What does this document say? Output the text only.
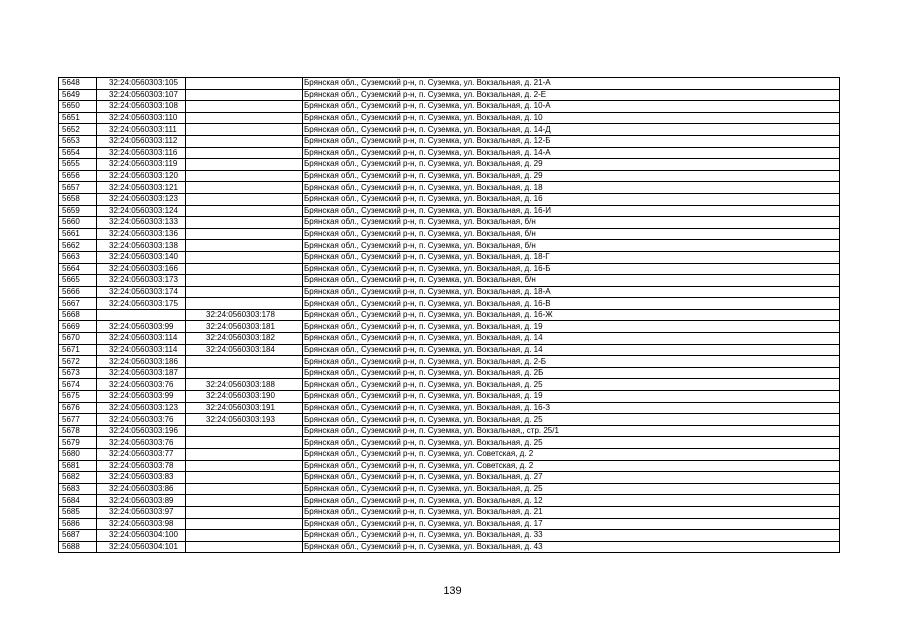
5648	32:24:0560303:105		Брянская обл., Суземский р-н, п. Суземка, ул. Вокзальная, д. 21-А
5649	32:24:0560303:107		Брянская обл., Суземский р-н, п. Суземка, ул. Вокзальная, д. 2-Е
5650	32:24:0560303:108		Брянская обл., Суземский р-н, п. Суземка, ул. Вокзальная, д. 10-А
5651	32:24:0560303:110		Брянская обл., Суземский р-н, п. Суземка, ул. Вокзальная, д. 10
5652	32:24:0560303:111		Брянская обл., Суземский р-н, п. Суземка, ул. Вокзальная, д. 14-Д
5653	32:24:0560303:112		Брянская обл., Суземский р-н, п. Суземка, ул. Вокзальная, д. 12-Б
5654	32:24:0560303:116		Брянская обл., Суземский р-н, п. Суземка, ул. Вокзальная, д. 14-А
5655	32:24:0560303:119		Брянская обл., Суземский р-н, п. Суземка, ул. Вокзальная, д. 29
5656	32:24:0560303:120		Брянская обл., Суземский р-н, п. Суземка, ул. Вокзальная, д. 29
5657	32:24:0560303:121		Брянская обл., Суземский р-н, п. Суземка, ул. Вокзальная, д. 18
5658	32:24:0560303:123		Брянская обл., Суземский р-н, п. Суземка, ул. Вокзальная, д. 16
5659	32:24:0560303:124		Брянская обл., Суземский р-н, п. Суземка, ул. Вокзальная, д. 16-И
5660	32:24:0560303:133		Брянская обл., Суземский р-н, п. Суземка, ул. Вокзальная, б/н
5661	32:24:0560303:136		Брянская обл., Суземский р-н, п. Суземка, ул. Вокзальная, б/н
5662	32:24:0560303:138		Брянская обл., Суземский р-н, п. Суземка, ул. Вокзальная, б/н
5663	32:24:0560303:140		Брянская обл., Суземский р-н, п. Суземка, ул. Вокзальная, д. 18-Г
5664	32:24:0560303:166		Брянская обл., Суземский р-н, п. Суземка, ул. Вокзальная, д. 16-Б
5665	32:24:0560303:173		Брянская обл., Суземский р-н, п. Суземка, ул. Вокзальная, б/н
5666	32:24:0560303:174		Брянская обл., Суземский р-н, п. Суземка, ул. Вокзальная, д. 18-А
5667	32:24:0560303:175		Брянская обл., Суземский р-н, п. Суземка, ул. Вокзальная, д. 16-В
5668		32:24:0560303:178	Брянская обл., Суземский р-н, п. Суземка, ул. Вокзальная, д. 16-Ж
5669	32:24:0560303:99	32:24:0560303:181	Брянская обл., Суземский р-н, п. Суземка, ул. Вокзальная, д. 19
5670	32:24:0560303:114	32:24:0560303:182	Брянская обл., Суземский р-н, п. Суземка, ул. Вокзальная, д. 14
5671	32:24:0560303:114	32:24:0560303:184	Брянская обл., Суземский р-н, п. Суземка, ул. Вокзальная, д. 14
5672	32:24:0560303:186		Брянская обл., Суземский р-н, п. Суземка, ул. Вокзальная, д. 2-Б
5673	32:24:0560303:187		Брянская обл., Суземский р-н, п. Суземка, ул. Вокзальная, д. 2Б
5674	32:24:0560303:76	32:24:0560303:188	Брянская обл., Суземский р-н, п. Суземка, ул. Вокзальная, д. 25
5675	32:24:0560303:99	32:24:0560303:190	Брянская обл., Суземский р-н, п. Суземка, ул. Вокзальная, д. 19
5676	32:24:0560303:123	32:24:0560303:191	Брянская обл., Суземский р-н, п. Суземка, ул. Вокзальная, д. 16-З
5677	32:24:0560303:76	32:24:0560303:193	Брянская обл., Суземский р-н, п. Суземка, ул. Вокзальная, д. 25
5678	32:24:0560303:196		Брянская обл., Суземский р-н, п. Суземка, ул. Вокзальная,, стр. 25/1
5679	32:24:0560303:76		Брянская обл., Суземский р-н, п. Суземка, ул. Вокзальная, д. 25
5680	32:24:0560303:77		Брянская обл., Суземский р-н, п. Суземка, ул. Советская, д. 2
5681	32:24:0560303:78		Брянская обл., Суземский р-н, п. Суземка, ул. Советская, д. 2
5682	32:24:0560303:83		Брянская обл., Суземский р-н, п. Суземка, ул. Вокзальная, д. 27
5683	32:24:0560303:86		Брянская обл., Суземский р-н, п. Суземка, ул. Вокзальная, д. 25
5684	32:24:0560303:89		Брянская обл., Суземский р-н, п. Суземка, ул. Вокзальная, д. 12
5685	32:24:0560303:97		Брянская обл., Суземский р-н, п. Суземка, ул. Вокзальная, д. 21
5686	32:24:0560303:98		Брянская обл., Суземский р-н, п. Суземка, ул. Вокзальная, д. 17
5687	32:24:0560304:100		Брянская обл., Суземский р-н, п. Суземка, ул. Вокзальная, д. 33
5688	32:24:0560304:101		Брянская обл., Суземский р-н, п. Суземка, ул. Вокзальная, д. 43
139
